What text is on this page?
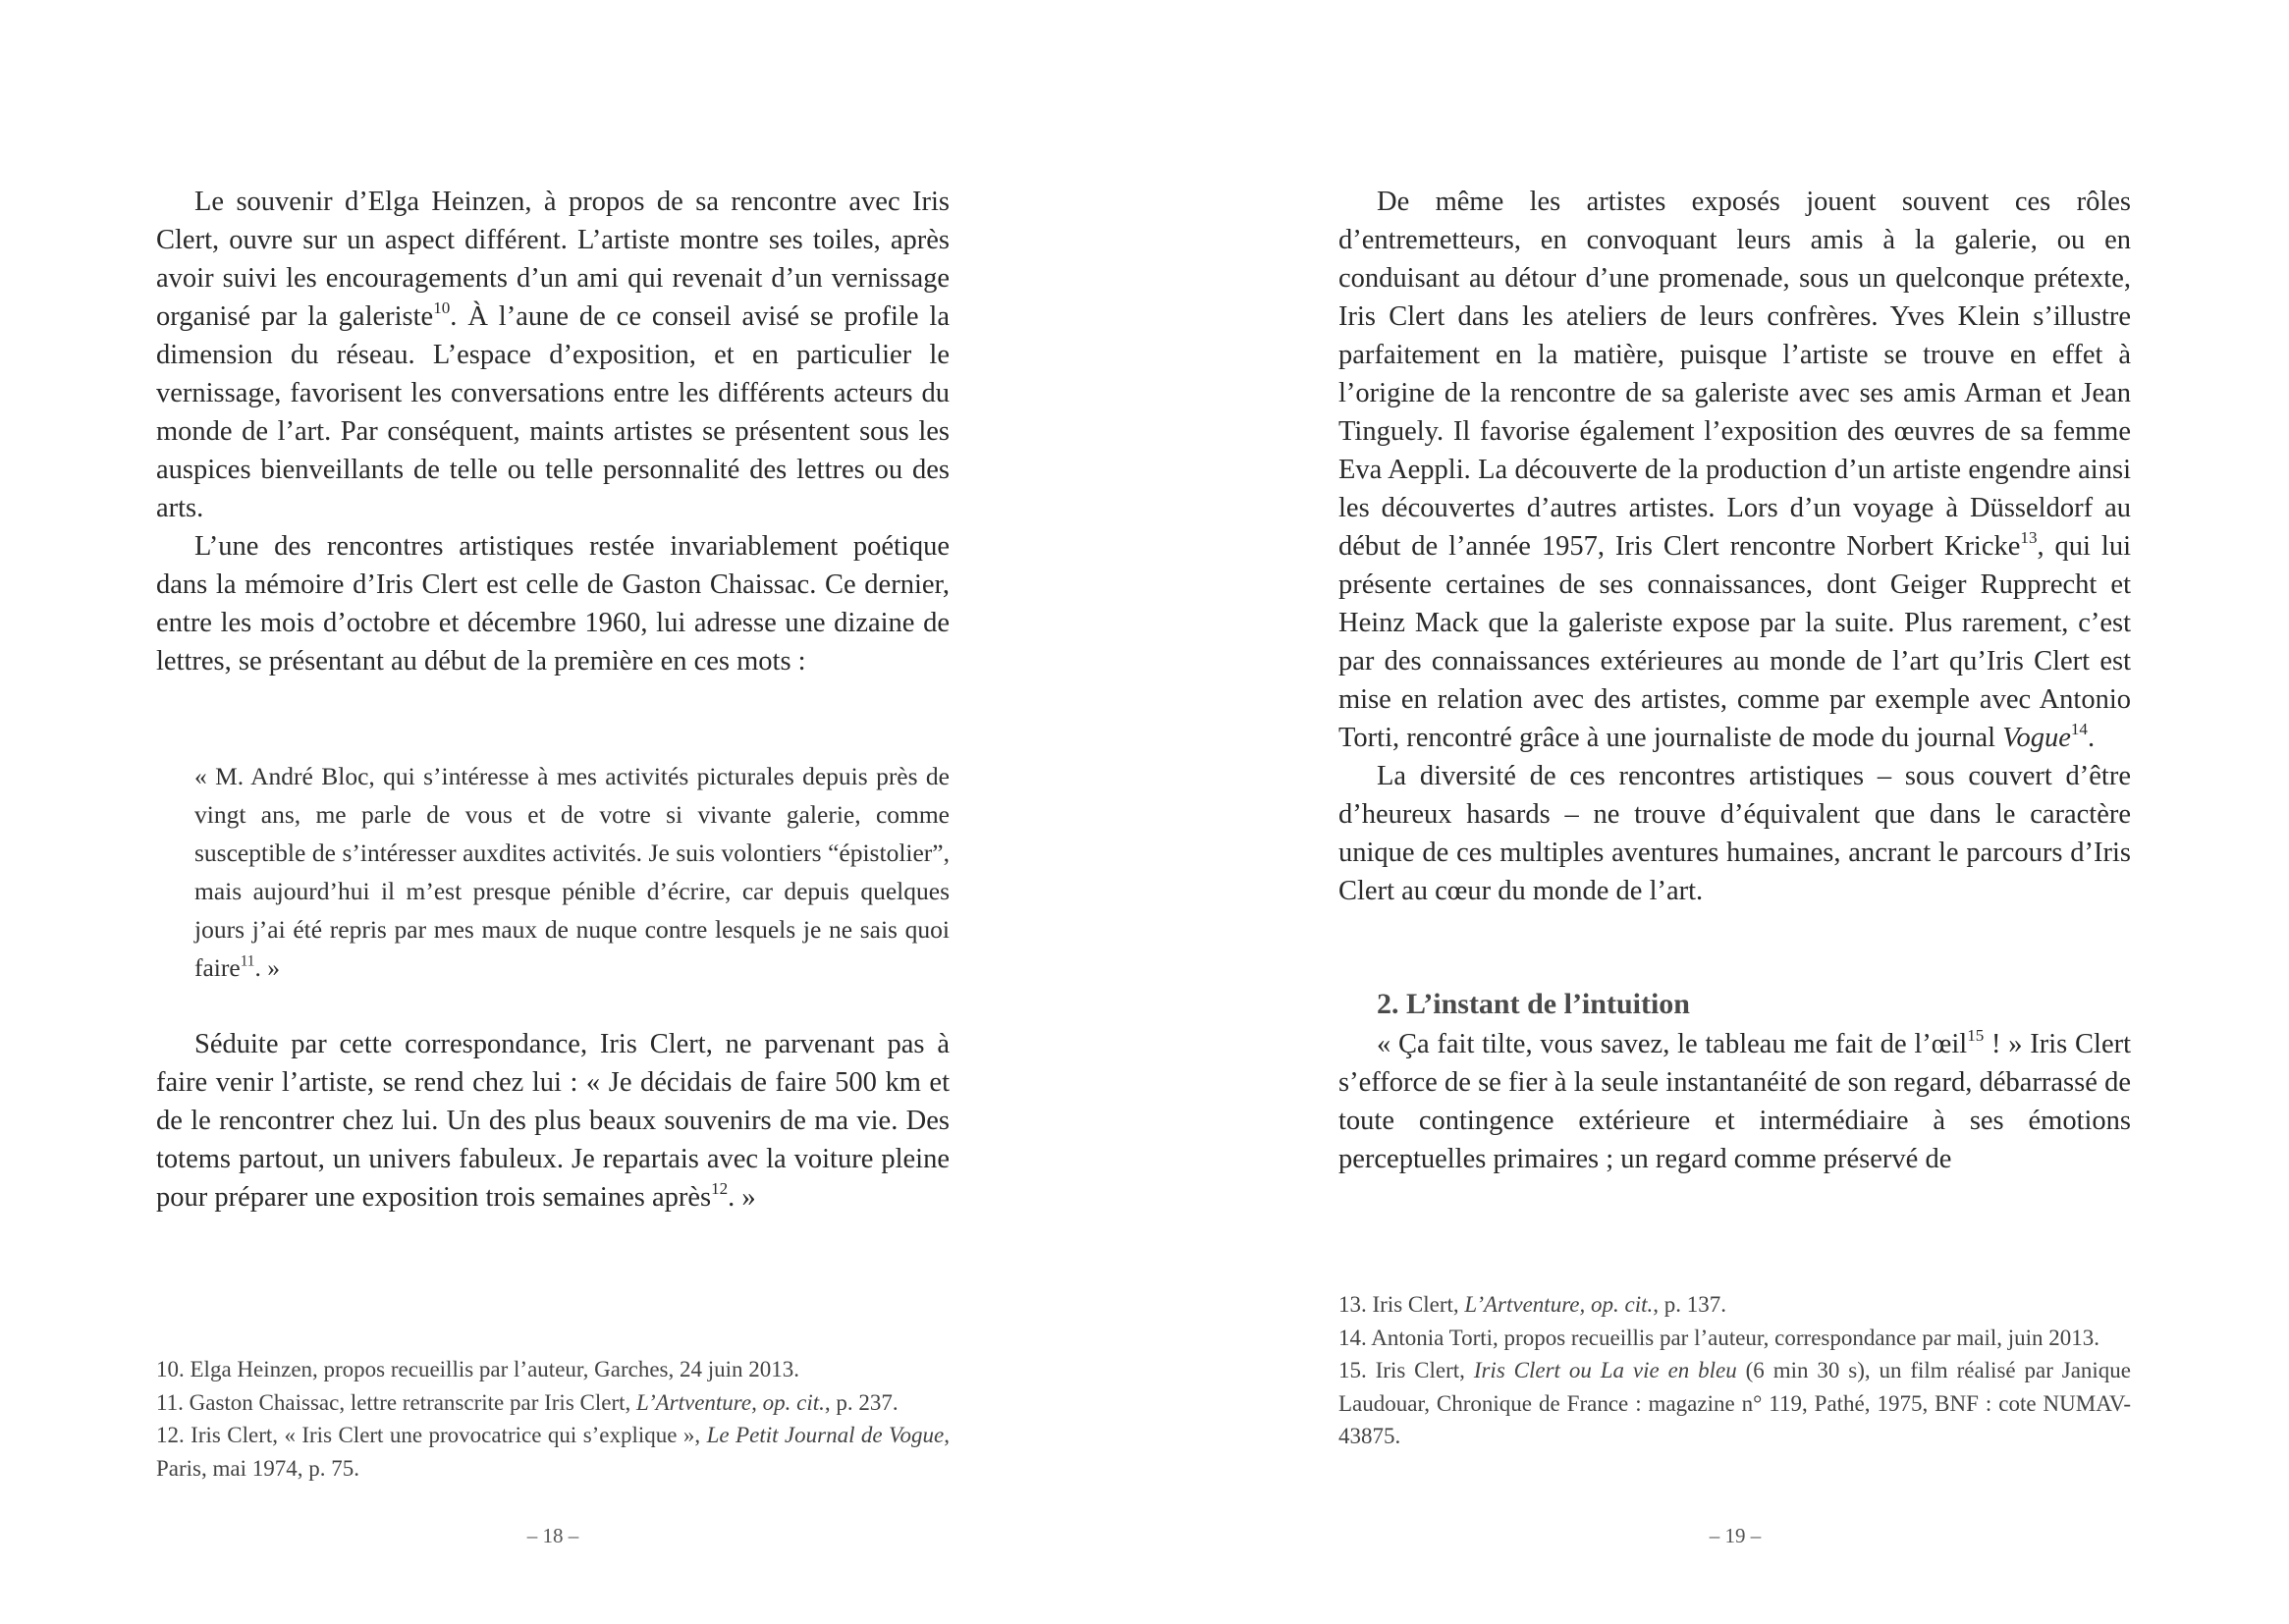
Le souvenir d’Elga Heinzen, à propos de sa rencontre avec Iris Clert, ouvre sur un aspect différent. L’artiste montre ses toiles, après avoir suivi les encouragements d’un ami qui revenait d’un vernissage organisé par la galeriste$^{10}$. À l’aune de ce conseil avisé se profile la dimension du réseau. L’espace d’exposition, et en particulier le vernissage, favorisent les conversations entre les différents acteurs du monde de l’art. Par conséquent, maints artistes se présentent sous les auspices bienveillants de telle ou telle personnalité des lettres ou des arts.

L’une des rencontres artistiques restée invariablement poétique dans la mémoire d’Iris Clert est celle de Gaston Chaissac. Ce dernier, entre les mois d’octobre et décembre 1960, lui adresse une dizaine de lettres, se présentant au début de la première en ces mots :

« M. André Bloc, qui s’intéresse à mes activités picturales depuis près de vingt ans, me parle de vous et de votre si vivante galerie, comme susceptible de s’intéresser auxdites activités. Je suis volontiers “épistolier”, mais aujourd’hui il m’est presque pénible d’écrire, car depuis quelques jours j’ai été repris par mes maux de nuque contre lesquels je ne sais quoi faire$^{11}$. »

Séduite par cette correspondance, Iris Clert, ne parvenant pas à faire venir l’artiste, se rend chez lui : « Je décidais de faire 500 km et de le rencontrer chez lui. Un des plus beaux souvenirs de ma vie. Des totems partout, un univers fabuleux. Je repartais avec la voiture pleine pour préparer une exposition trois semaines après$^{12}$. »

10. Elga Heinzen, propos recueillis par l’auteur, Garches, 24 juin 2013.

11. Gaston Chaissac, lettre retranscrite par Iris Clert, L’Artventure, op. cit., p. 237.

12. Iris Clert, « Iris Clert une provocatrice qui s’explique », Le Petit Journal de Vogue, Paris, mai 1974, p. 75.

– 18 –

De même les artistes exposés jouent souvent ces rôles d’entremetteurs, en convoquant leurs amis à la galerie, ou en conduisant au détour d’une promenade, sous un quelconque prétexte, Iris Clert dans les ateliers de leurs confrères. Yves Klein s’illustre parfaitement en la matière, puisque l’artiste se trouve en effet à l’origine de la rencontre de sa galeriste avec ses amis Arman et Jean Tinguely. Il favorise également l’exposition des œuvres de sa femme Eva Aeppli. La découverte de la production d’un artiste engendre ainsi les découvertes d’autres artistes. Lors d’un voyage à Düsseldorf au début de l’année 1957, Iris Clert rencontre Norbert Kricke$^{13}$, qui lui présente certaines de ses connaissances, dont Geiger Rupprecht et Heinz Mack que la galeriste expose par la suite. Plus rarement, c’est par des connaissances extérieures au monde de l’art qu’Iris Clert est mise en relation avec des artistes, comme par exemple avec Antonio Torti, rencontré grâce à une journaliste de mode du journal Vogue$^{14}$.

La diversité de ces rencontres artistiques – sous couvert d’être d’heureux hasards – ne trouve d’équivalent que dans le caractère unique de ces multiples aventures humaines, ancrant le parcours d’Iris Clert au cœur du monde de l’art.

2. L’instant de l’intuition

« Ça fait tilte, vous savez, le tableau me fait de l’œil$^{15}$ ! » Iris Clert s’efforce de se fier à la seule instantanéité de son regard, débarrassé de toute contingence extérieure et intermédiaire à ses émotions perceptuelles primaires ; un regard comme préservé de

13. Iris Clert, L’Artventure, op. cit., p. 137.

14. Antonia Torti, propos recueillis par l’auteur, correspondance par mail, juin 2013.

15. Iris Clert, Iris Clert ou La vie en bleu (6 min 30 s), un film réalisé par Janique Laudouar, Chronique de France : magazine n° 119, Pathé, 1975, BNF : cote NUMAV-43875.

– 19 –
